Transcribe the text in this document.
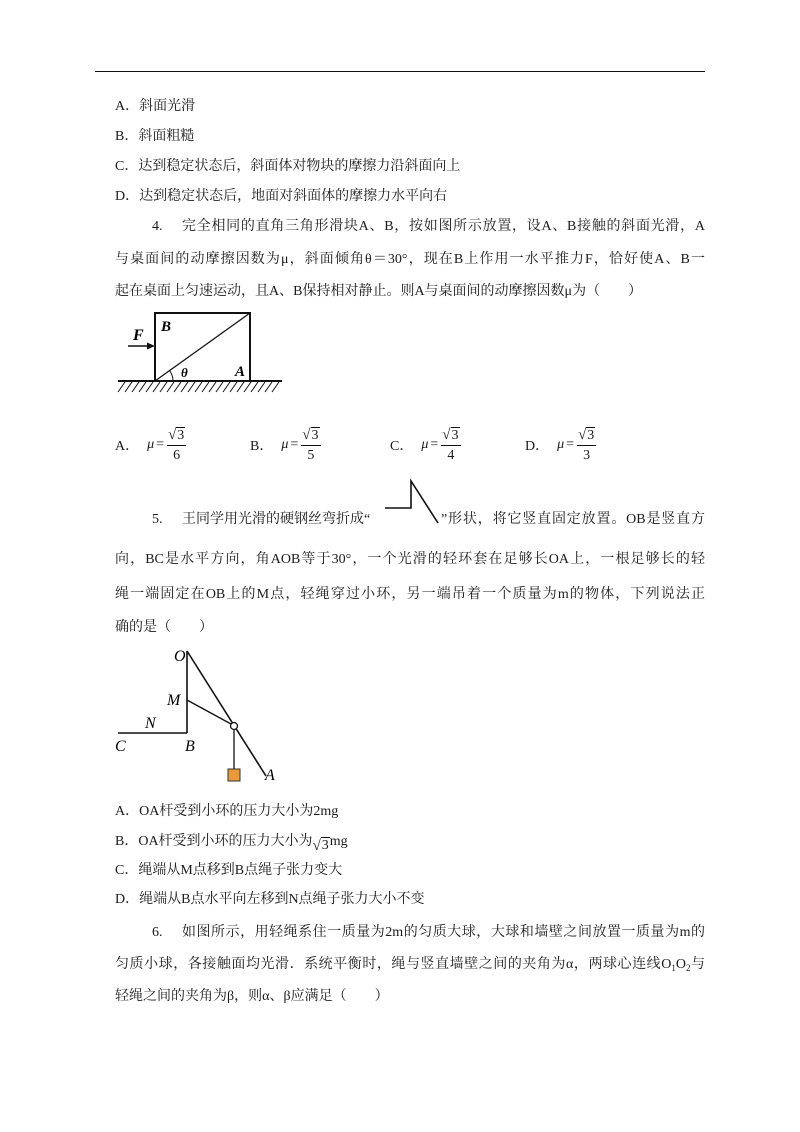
A．斜面光滑
B．斜面粗糙
C．达到稳定状态后，斜面体对物块的摩擦力沿斜面向上
D．达到稳定状态后，地面对斜面体的摩擦力水平向右
4. 完全相同的直角三角形滑块A、B，按如图所示放置，设A、B接触的斜面光滑，A
与桌面间的动摩擦因数为μ，斜面倾角θ＝30°，现在B上作用一水平推力F，恰好使A、B一
起在桌面上匀速运动，且A、B保持相对静止。则A与桌面间的动摩擦因数μ为（　　）
F B
θ	A
A． $\mu = \frac{√ 3}{6}$	B． $\mu = \frac{√ 3}{5}$	C． $\mu = \frac{√ 3}{4}$	D． $\mu = \frac{√ 3}{3}$
5. 王同学用光滑的硬钢丝弯折成“	”形状，将它竖直固定放置。OB是竖直方
向，BC是水平方向，角AOB等于30°，一个光滑的轻环套在足够长OA上，一根足够长的轻
绳一端固定在OB上的M点，轻绳穿过小环，另一端吊着一个质量为m的物体，下列说法正
确的是（　　）
O
M
N
C	B
A
A．OA杆受到小环的压力大小为2mg
B．OA杆受到小环的压力大小为 √ 3 mg
C．绳端从M点移到B点绳子张力变大
D．绳端从B点水平向左移到N点绳子张力大小不变
6. 如图所示，用轻绳系住一质量为2m的匀质大球，大球和墙壁之间放置一质量为m的
匀质小球，各接触面均光滑．系统平衡时，绳与竖直墙壁之间的夹角为α，两球心连线$O_1O_2$与
轻绳之间的夹角为β，则α、β应满足（　　）
